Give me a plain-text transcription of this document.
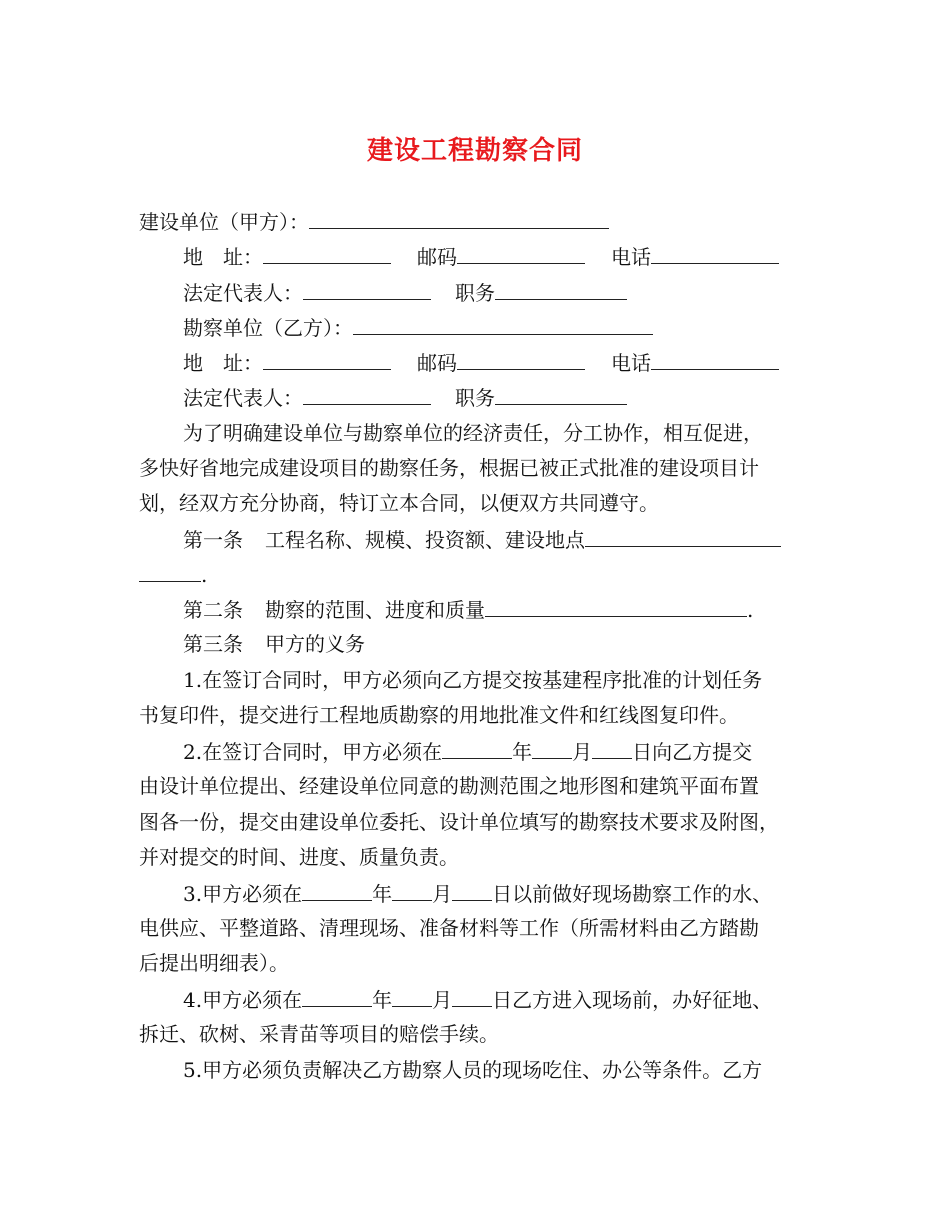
建设工程勘察合同
建设单位（甲方）：
地　址：	邮码	电话
法定代表人：	职务
勘察单位（乙方）：
地　址：	邮码	电话
法定代表人：	职务
为了明确建设单位与勘察单位的经济责任，分工协作，相互促进，
多快好省地完成建设项目的勘察任务，根据已被正式批准的建设项目计
划，经双方充分协商，特订立本合同，以便双方共同遵守。
第一条 工程名称、规模、投资额、建设地点
.
第二条 勘察的范围、进度和质量	.
第三条 甲方的义务
1.在签订合同时，甲方必须向乙方提交按基建程序批准的计划任务
书复印件，提交进行工程地质勘察的用地批准文件和红线图复印件。
2.在签订合同时，甲方必须在	年 月 日向乙方提交
由设计单位提出、经建设单位同意的勘测范围之地形图和建筑平面布置
图各一份，提交由建设单位委托、设计单位填写的勘察技术要求及附图，
并对提交的时间、进度、质量负责。
3.甲方必须在	年 月 日以前做好现场勘察工作的水、
电供应、平整道路、清理现场、准备材料等工作（所需材料由乙方踏勘
后提出明细表）。
4.甲方必须在	年 月 日乙方进入现场前，办好征地、
拆迁、砍树、采青苗等项目的赔偿手续。
5.甲方必须负责解决乙方勘察人员的现场吃住、办公等条件。乙方
